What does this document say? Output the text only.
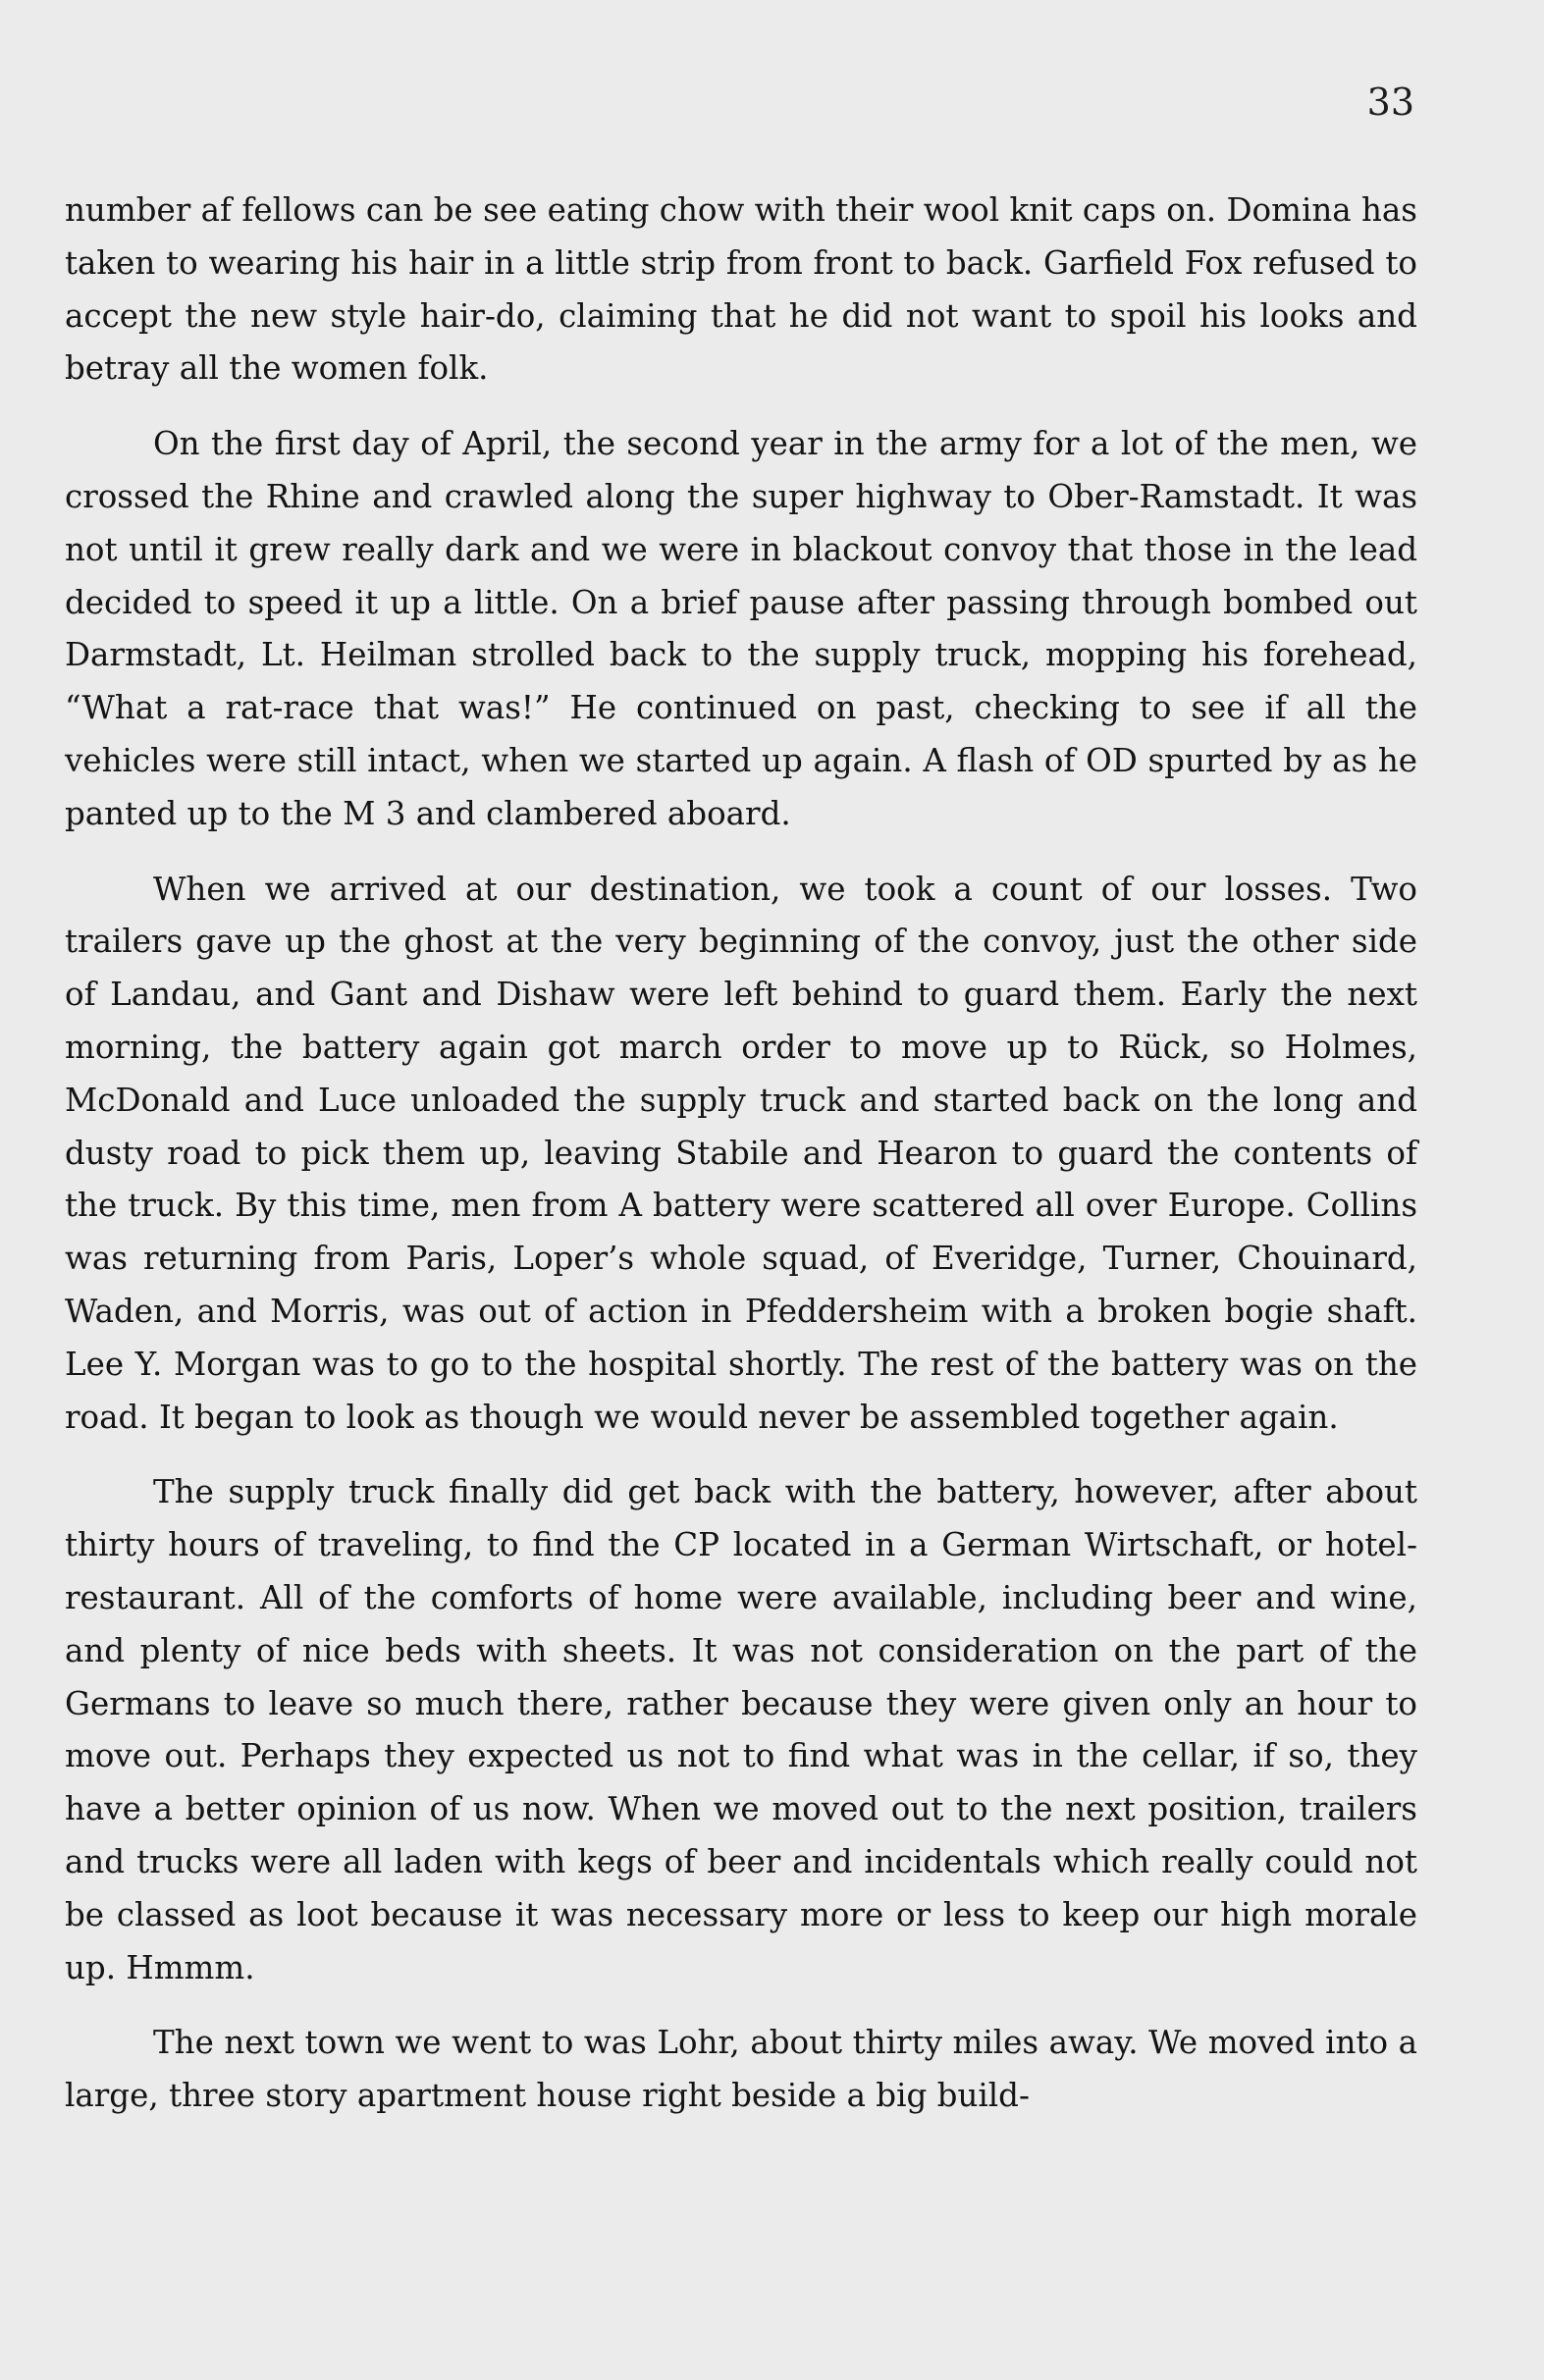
33

number af fellows can be see eating chow with their wool knit caps on. Domina has taken to wearing his hair in a little strip from front to back. Garfield Fox refused to accept the new style hair-do, claiming that he did not want to spoil his looks and betray all the women folk.

On the first day of April, the second year in the army for a lot of the men, we crossed the Rhine and crawled along the super highway to Ober-Ramstadt. It was not until it grew really dark and we were in blackout convoy that those in the lead decided to speed it up a little. On a brief pause after passing through bombed out Darmstadt, Lt. Heilman strolled back to the supply truck, mopping his forehead, “What a rat-race that was!” He continued on past, checking to see if all the vehicles were still intact, when we started up again. A flash of OD spurted by as he panted up to the M 3 and clambered aboard.

When we arrived at our destination, we took a count of our losses. Two trailers gave up the ghost at the very beginning of the convoy, just the other side of Landau, and Gant and Dishaw were left behind to guard them. Early the next morning, the battery again got march order to move up to Rück, so Holmes, McDonald and Luce unloaded the supply truck and started back on the long and dusty road to pick them up, leaving Stabile and Hearon to guard the contents of the truck. By this time, men from A battery were scattered all over Europe. Collins was returning from Paris, Loper’s whole squad, of Everidge, Turner, Chouinard, Waden, and Morris, was out of action in Pfeddersheim with a broken bogie shaft. Lee Y. Morgan was to go to the hospital shortly. The rest of the battery was on the road. It began to look as though we would never be assembled together again.

The supply truck finally did get back with the battery, however, after about thirty hours of traveling, to find the CP located in a German Wirtschaft, or hotel-restaurant. All of the comforts of home were available, including beer and wine, and plenty of nice beds with sheets. It was not consideration on the part of the Germans to leave so much there, rather because they were given only an hour to move out. Perhaps they expected us not to find what was in the cellar, if so, they have a better opinion of us now. When we moved out to the next position, trailers and trucks were all laden with kegs of beer and incidentals which really could not be classed as loot because it was necessary more or less to keep our high morale up. Hmmm.

The next town we went to was Lohr, about thirty miles away. We moved into a large, three story apartment house right beside a big build-
